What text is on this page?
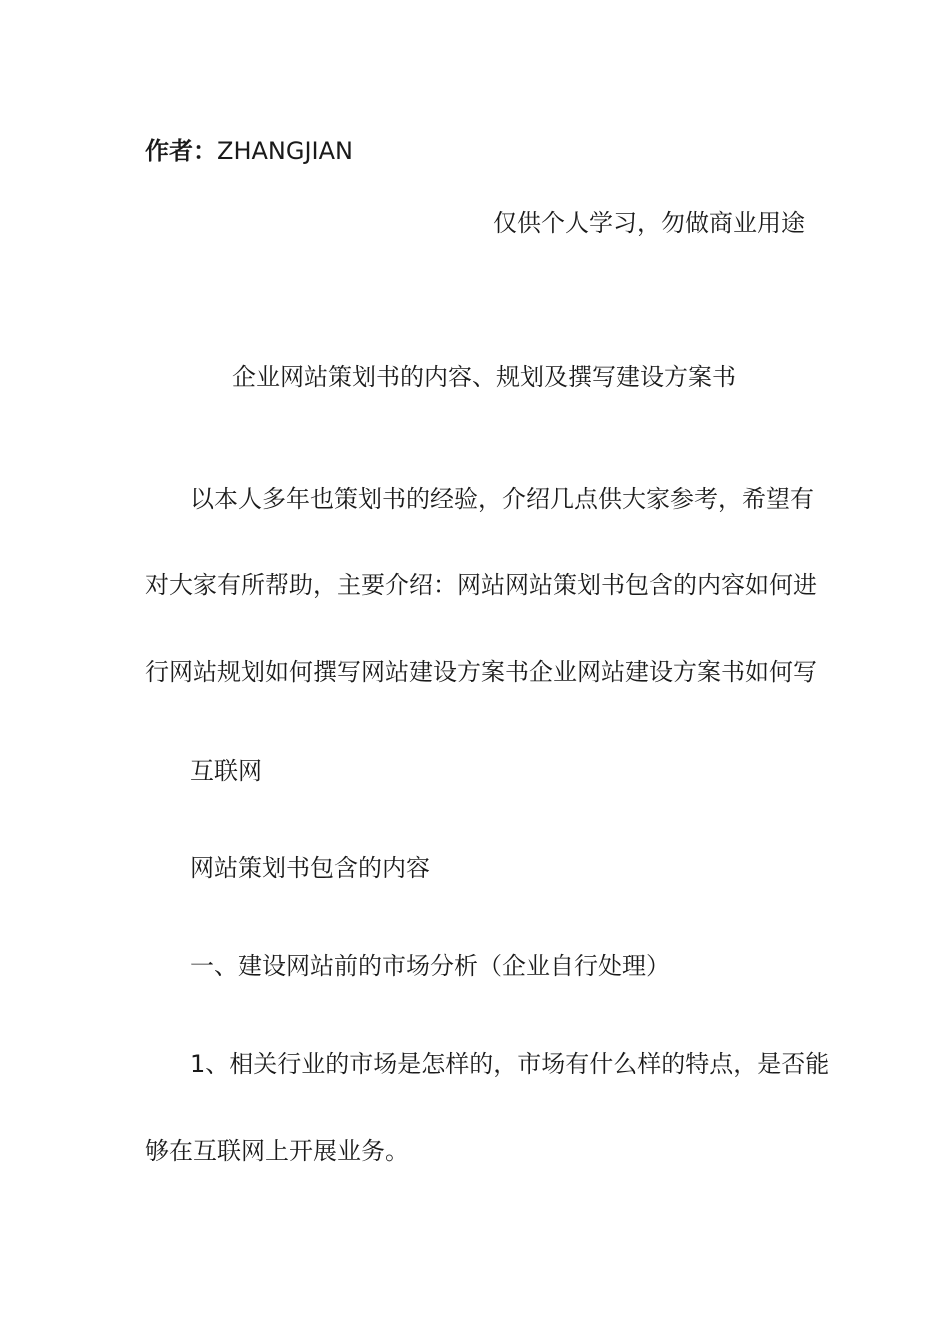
作者：ZHANGJIAN
仅供个人学习，勿做商业用途
企业网站策划书的内容、规划及撰写建设方案书
以本人多年也策划书的经验，介绍几点供大家参考，希望有
对大家有所帮助，主要介绍：网站网站策划书包含的内容如何进
行网站规划如何撰写网站建设方案书企业网站建设方案书如何写
互联网
网站策划书包含的内容
一、建设网站前的市场分析（企业自行处理）
1、相关行业的市场是怎样的，市场有什么样的特点，是否能
够在互联网上开展业务。
